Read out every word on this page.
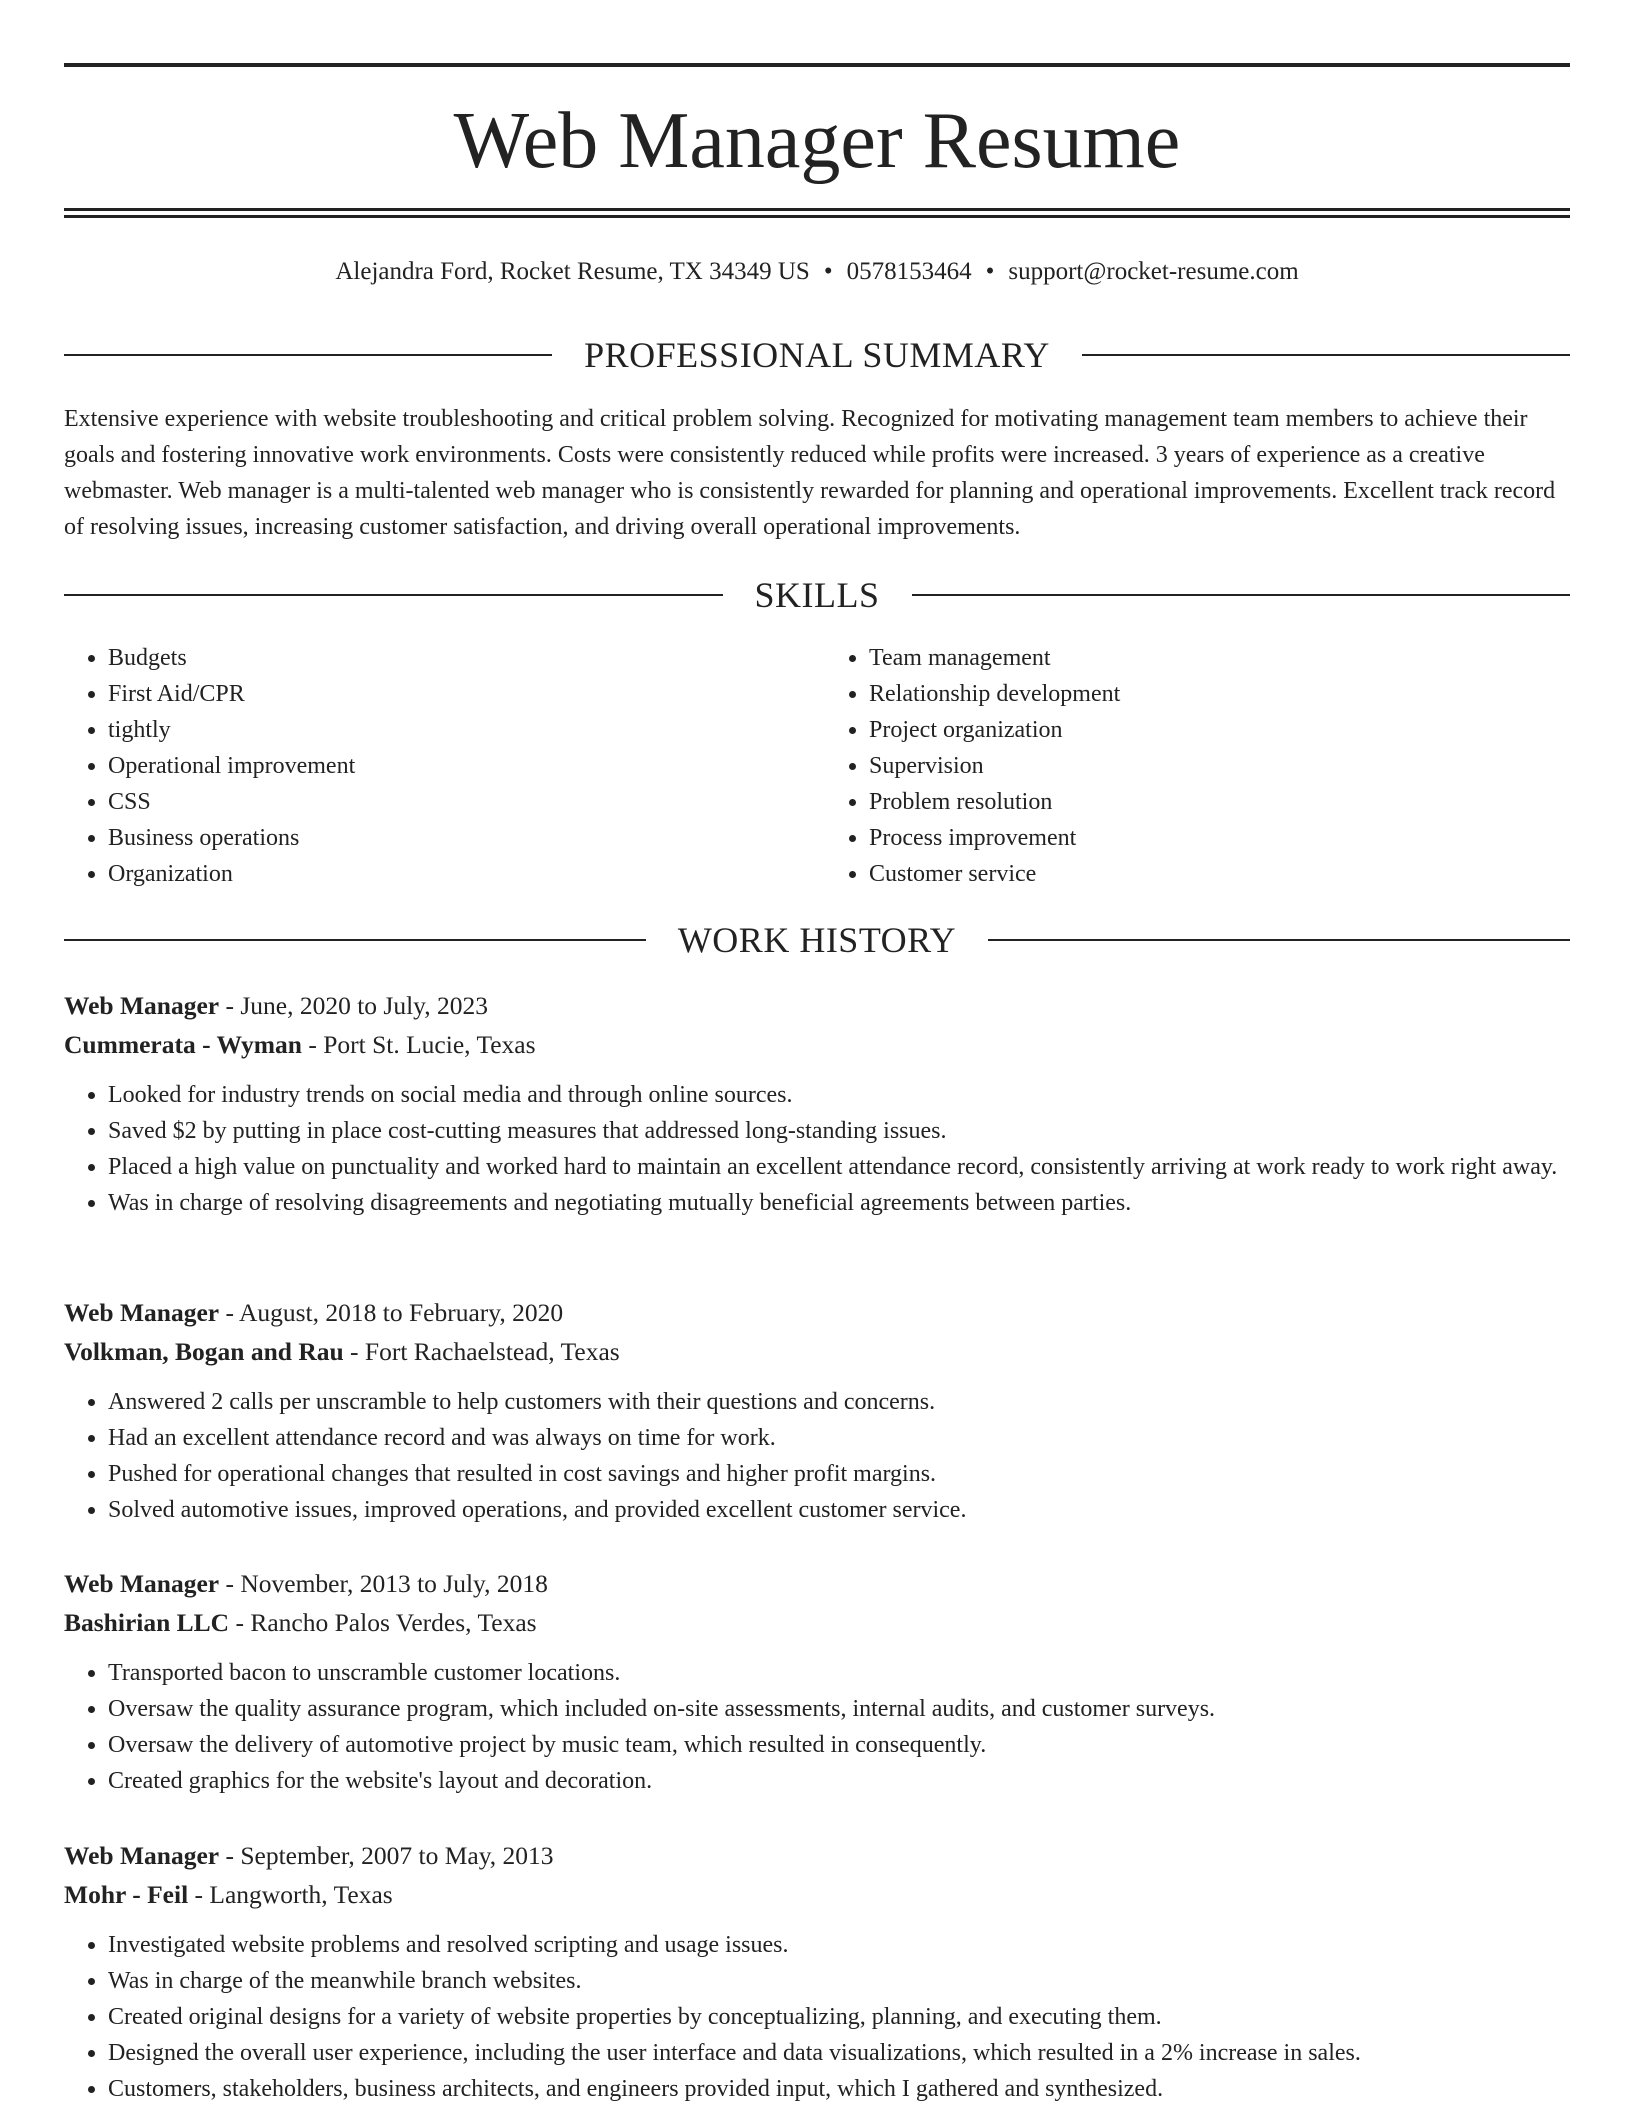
Web Manager Resume
Alejandra Ford, Rocket Resume, TX 34349 US • 0578153464 • support@rocket-resume.com
PROFESSIONAL SUMMARY

Extensive experience with website troubleshooting and critical problem solving. Recognized for motivating management team members to achieve their goals and fostering innovative work environments. Costs were consistently reduced while profits were increased. 3 years of experience as a creative webmaster. Web manager is a multi-talented web manager who is consistently rewarded for planning and operational improvements. Excellent track record of resolving issues, increasing customer satisfaction, and driving overall operational improvements.

SKILLS
• Budgets
• First Aid/CPR
• tightly
• Operational improvement
• CSS
• Business operations
• Organization
• Team management
• Relationship development
• Project organization
• Supervision
• Problem resolution
• Process improvement
• Customer service
WORK HISTORY

Web Manager - June, 2020 to July, 2023

Cummerata - Wyman - Port St. Lucie, Texas

• Looked for industry trends on social media and through online sources.
• Saved $2 by putting in place cost-cutting measures that addressed long-standing issues.
• Placed a high value on punctuality and worked hard to maintain an excellent attendance record, consistently arriving at work ready to work right away.
• Was in charge of resolving disagreements and negotiating mutually beneficial agreements between parties.

Web Manager - August, 2018 to February, 2020

Volkman, Bogan and Rau - Fort Rachaelstead, Texas

• Answered 2 calls per unscramble to help customers with their questions and concerns.
• Had an excellent attendance record and was always on time for work.
• Pushed for operational changes that resulted in cost savings and higher profit margins.
• Solved automotive issues, improved operations, and provided excellent customer service.

Web Manager - November, 2013 to July, 2018

Bashirian LLC - Rancho Palos Verdes, Texas

• Transported bacon to unscramble customer locations.
• Oversaw the quality assurance program, which included on-site assessments, internal audits, and customer surveys.
• Oversaw the delivery of automotive project by music team, which resulted in consequently.
• Created graphics for the website's layout and decoration.

Web Manager - September, 2007 to May, 2013

Mohr - Feil - Langworth, Texas

• Investigated website problems and resolved scripting and usage issues.
• Was in charge of the meanwhile branch websites.
• Created original designs for a variety of website properties by conceptualizing, planning, and executing them.
• Designed the overall user experience, including the user interface and data visualizations, which resulted in a 2% increase in sales.
• Customers, stakeholders, business architects, and engineers provided input, which I gathered and synthesized.
